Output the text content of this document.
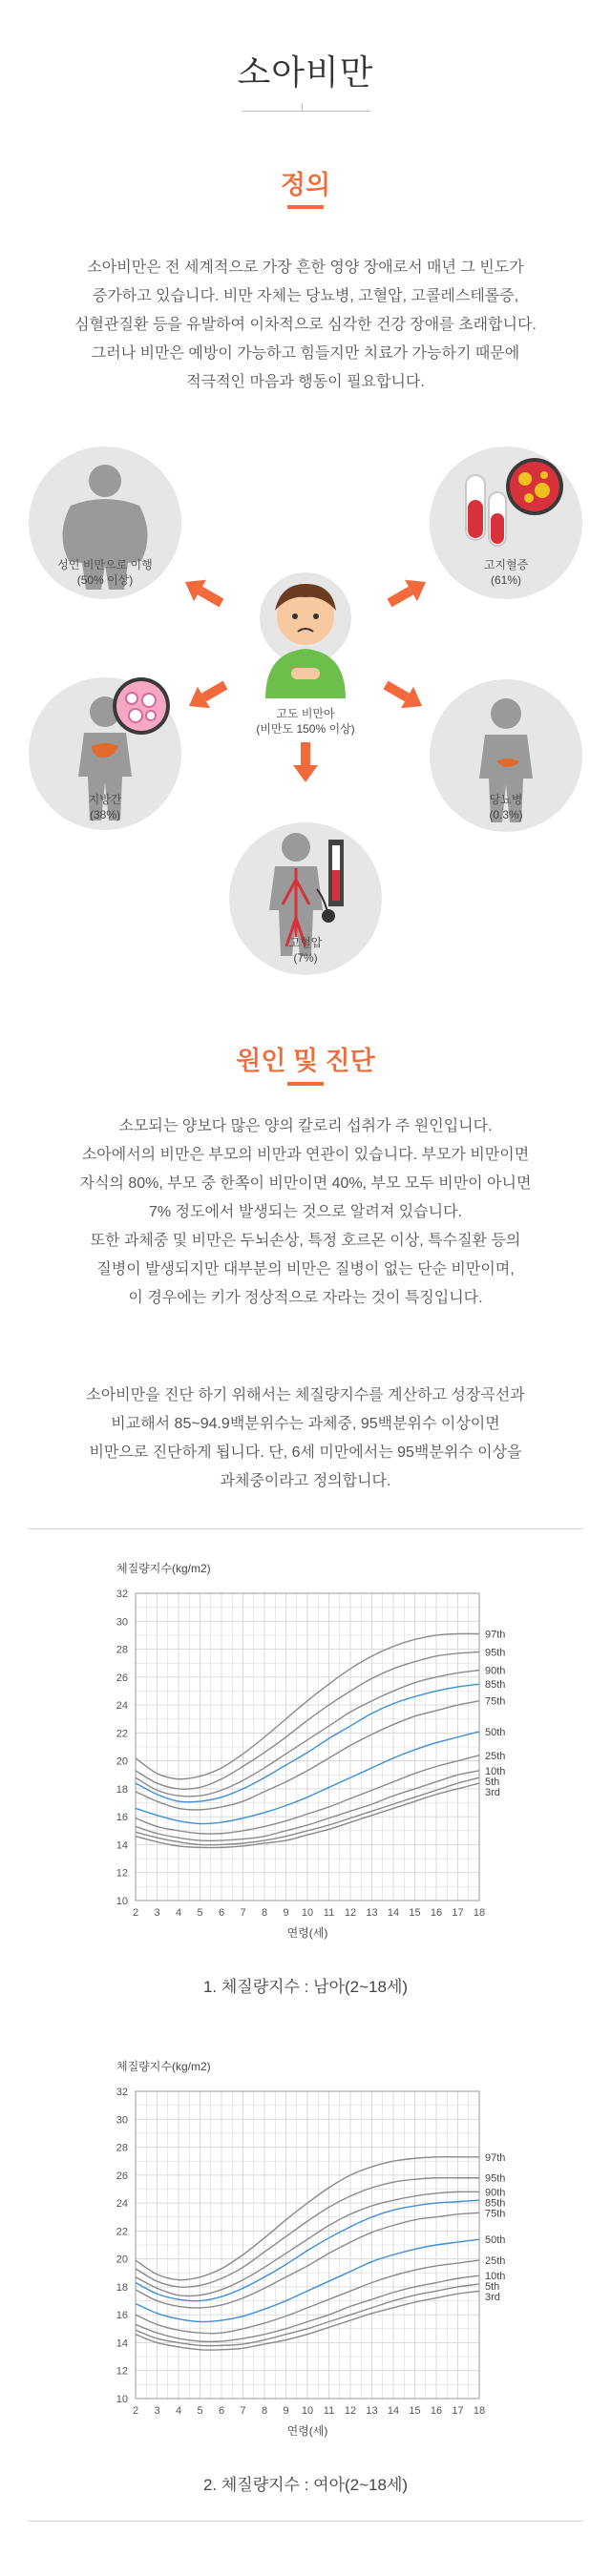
소아비만
정의
소아비만은 전 세계적으로 가장 흔한 영양 장애로서 매년 그 빈도가
증가하고 있습니다. 비만 자체는 당뇨병, 고혈압, 고콜레스테롤증,
심혈관질환 등을 유발하여 이차적으로 심각한 건강 장애를 초래합니다.
그러나 비만은 예방이 가능하고 힘들지만 치료가 가능하기 때문에
적극적인 마음과 행동이 필요합니다.
성인 비만으로 이행
(50% 이상)
고지혈증
(61%)
고도 비만아
(비만도 150% 이상)
지방간
(38%)
당뇨병
(0.3%)
고혈압
(7%)
원인 및 진단
소모되는 양보다 많은 양의 칼로리 섭취가 주 원인입니다.
소아에서의 비만은 부모의 비만과 연관이 있습니다. 부모가 비만이면
자식의 80%, 부모 중 한쪽이 비만이면 40%, 부모 모두 비만이 아니면
7% 정도에서 발생되는 것으로 알려져 있습니다.
또한 과체중 및 비만은 두뇌손상, 특정 호르몬 이상, 특수질환 등의
질병이 발생되지만 대부분의 비만은 질병이 없는 단순 비만이며,
이 경우에는 키가 정상적으로 자라는 것이 특징입니다.
소아비만을 진단 하기 위해서는 체질량지수를 계산하고 성장곡선과
비교해서 85~94.9백분위수는 과체중, 95백분위수 이상이면
비만으로 진단하게 됩니다. 단, 6세 미만에서는 95백분위수 이상을
과체중이라고 정의합니다.
10
12
14
16
18
20
22
24
26
28
30
32
2 3 4 5 6 7 8 9 10 11 12 13 14 15 16 17 18
체질량지수(kg/m2)
연령(세)
97th
95th
90th
85th
75th
50th
25th
10th
5th
3rd
1. 체질량지수 : 남아(2~18세)
10
12
14
16
18
20
22
24
26
28
30
32
2 3 4 5 6 7 8 9 10 11 12 13 14 15 16 17 18
체질량지수(kg/m2)
연령(세)
97th
95th
90th
85th
75th
50th
25th
10th
5th
3rd
2. 체질량지수 : 여아(2~18세)
